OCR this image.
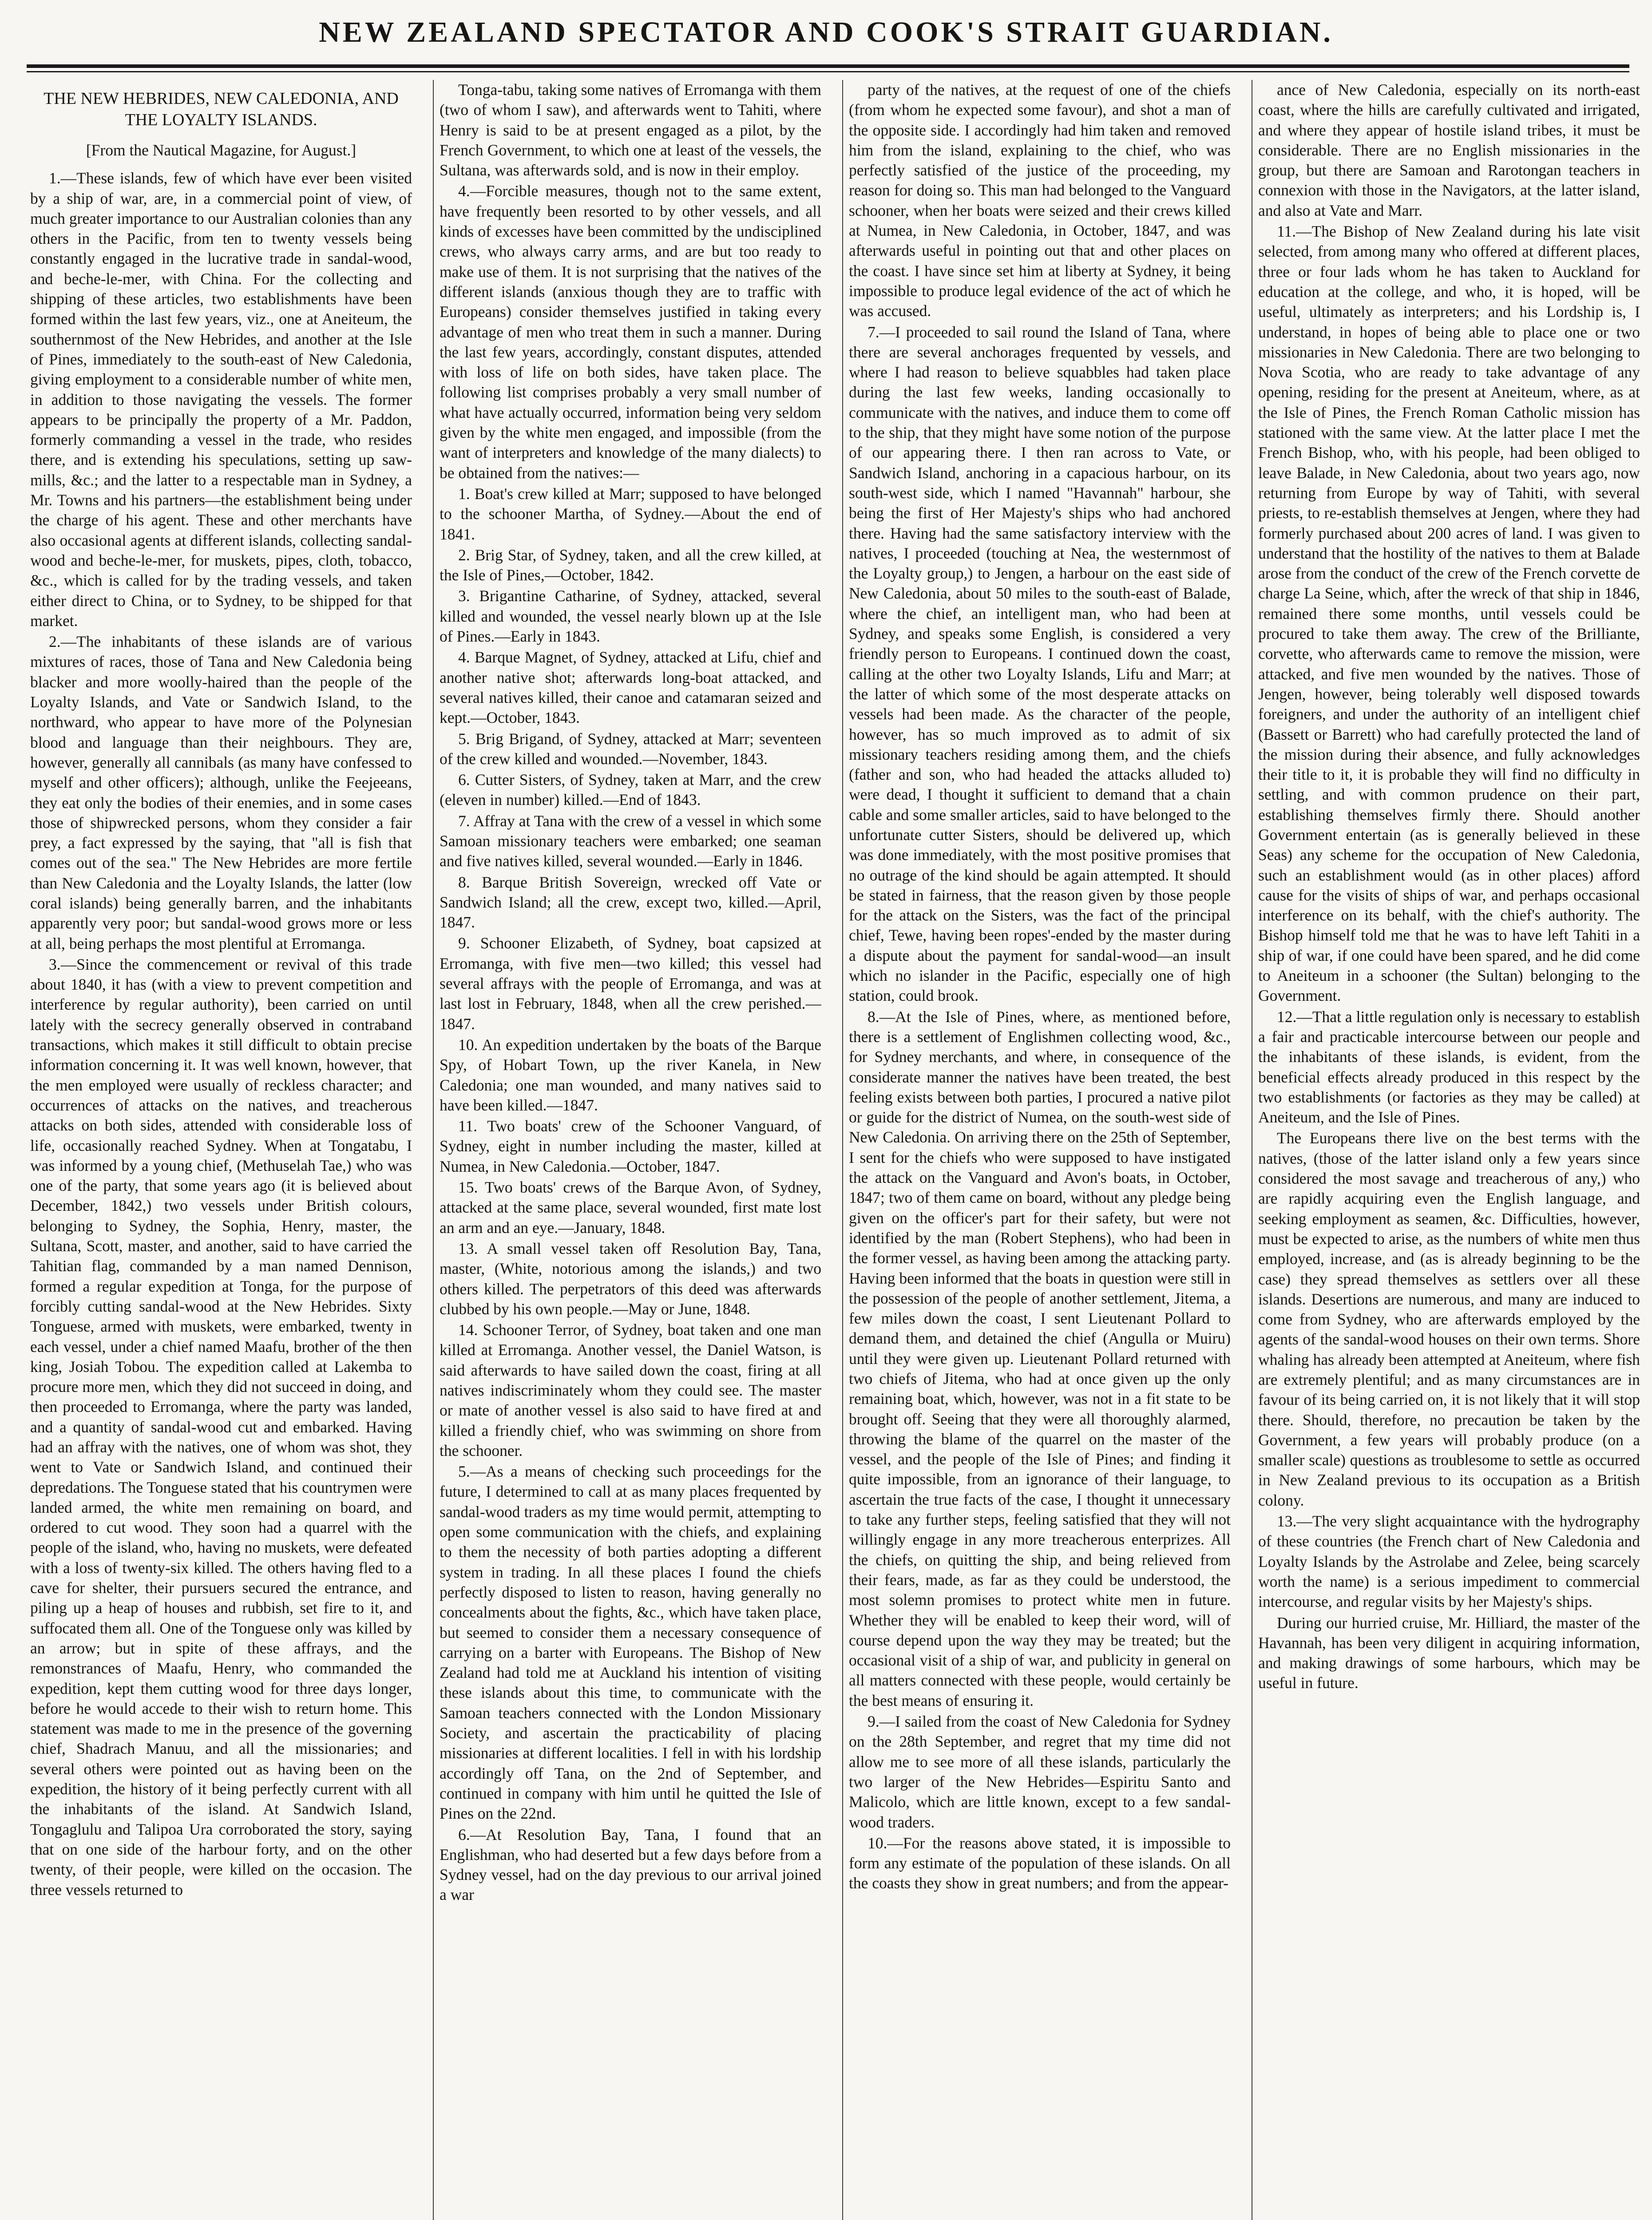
NEW ZEALAND SPECTATOR AND COOK'S STRAIT GUARDIAN.

THE NEW HEBRIDES, NEW CALEDONIA, AND THE LOYALTY ISLANDS.

[From the Nautical Magazine, for August.]

1.—These islands, few of which have ever been visited by a ship of war, are, in a commercial point of view, of much greater importance to our Australian colonies than any others in the Pacific, from ten to twenty vessels being constantly engaged in the lucrative trade in sandal-wood, and beche-le-mer, with China. For the collecting and shipping of these articles, two establishments have been formed within the last few years, viz., one at Aneiteum, the southernmost of the New Hebrides, and another at the Isle of Pines, immediately to the south-east of New Caledonia, giving employment to a considerable number of white men, in addition to those navigating the vessels. The former appears to be principally the property of a Mr. Paddon, formerly commanding a vessel in the trade, who resides there, and is extending his speculations, setting up saw-mills, &c.; and the latter to a respectable man in Sydney, a Mr. Towns and his partners—the establishment being under the charge of his agent. These and other merchants have also occasional agents at different islands, collecting sandal-wood and beche-le-mer, for muskets, pipes, cloth, tobacco, &c., which is called for by the trading vessels, and taken either direct to China, or to Sydney, to be shipped for that market.

2.—The inhabitants of these islands are of various mixtures of races, those of Tana and New Caledonia being blacker and more woolly-haired than the people of the Loyalty Islands, and Vate or Sandwich Island, to the northward, who appear to have more of the Polynesian blood and language than their neighbours. They are, however, generally all cannibals (as many have confessed to myself and other officers); although, unlike the Feejeeans, they eat only the bodies of their enemies, and in some cases those of shipwrecked persons, whom they consider a fair prey, a fact expressed by the saying, that "all is fish that comes out of the sea." The New Hebrides are more fertile than New Caledonia and the Loyalty Islands, the latter (low coral islands) being generally barren, and the inhabitants apparently very poor; but sandal-wood grows more or less at all, being perhaps the most plentiful at Erromanga.

3.—Since the commencement or revival of this trade about 1840, it has (with a view to prevent competition and interference by regular authority), been carried on until lately with the secrecy generally observed in contraband transactions, which makes it still difficult to obtain precise information concerning it. It was well known, however, that the men employed were usually of reckless character; and occurrences of attacks on the natives, and treacherous attacks on both sides, attended with considerable loss of life, occasionally reached Sydney. When at Tongatabu, I was informed by a young chief, (Methuselah Tae,) who was one of the party, that some years ago (it is believed about December, 1842,) two vessels under British colours, belonging to Sydney, the Sophia, Henry, master, the Sultana, Scott, master, and another, said to have carried the Tahitian flag, commanded by a man named Dennison, formed a regular expedition at Tonga, for the purpose of forcibly cutting sandal-wood at the New Hebrides. Sixty Tonguese, armed with muskets, were embarked, twenty in each vessel, under a chief named Maafu, brother of the then king, Josiah Tobou. The expedition called at Lakemba to procure more men, which they did not succeed in doing, and then proceeded to Erromanga, where the party was landed, and a quantity of sandal-wood cut and embarked. Having had an affray with the natives, one of whom was shot, they went to Vate or Sandwich Island, and continued their depredations. The Tonguese stated that his countrymen were landed armed, the white men remaining on board, and ordered to cut wood. They soon had a quarrel with the people of the island, who, having no muskets, were defeated with a loss of twenty-six killed. The others having fled to a cave for shelter, their pursuers secured the entrance, and piling up a heap of houses and rubbish, set fire to it, and suffocated them all. One of the Tonguese only was killed by an arrow; but in spite of these affrays, and the remonstrances of Maafu, Henry, who commanded the expedition, kept them cutting wood for three days longer, before he would accede to their wish to return home. This statement was made to me in the presence of the governing chief, Shadrach Manuu, and all the missionaries; and several others were pointed out as having been on the expedition, the history of it being perfectly current with all the inhabitants of the island. At Sandwich Island, Tongaglulu and Talipoa Ura corroborated the story, saying that on one side of the harbour forty, and on the other twenty, of their people, were killed on the occasion. The three vessels returned to

Tonga-tabu, taking some natives of Erromanga with them (two of whom I saw), and afterwards went to Tahiti, where Henry is said to be at present engaged as a pilot, by the French Government, to which one at least of the vessels, the Sultana, was afterwards sold, and is now in their employ.

4.—Forcible measures, though not to the same extent, have frequently been resorted to by other vessels, and all kinds of excesses have been committed by the undisciplined crews, who always carry arms, and are but too ready to make use of them. It is not surprising that the natives of the different islands (anxious though they are to traffic with Europeans) consider themselves justified in taking every advantage of men who treat them in such a manner. During the last few years, accordingly, constant disputes, attended with loss of life on both sides, have taken place. The following list comprises probably a very small number of what have actually occurred, information being very seldom given by the white men engaged, and impossible (from the want of interpreters and knowledge of the many dialects) to be obtained from the natives:—

1. Boat's crew killed at Marr; supposed to have belonged to the schooner Martha, of Sydney.—About the end of 1841.

2. Brig Star, of Sydney, taken, and all the crew killed, at the Isle of Pines,—October, 1842.

3. Brigantine Catharine, of Sydney, attacked, several killed and wounded, the vessel nearly blown up at the Isle of Pines.—Early in 1843.

4. Barque Magnet, of Sydney, attacked at Lifu, chief and another native shot; afterwards long-boat attacked, and several natives killed, their canoe and catamaran seized and kept.—October, 1843.

5. Brig Brigand, of Sydney, attacked at Marr; seventeen of the crew killed and wounded.—November, 1843.

6. Cutter Sisters, of Sydney, taken at Marr, and the crew (eleven in number) killed.—End of 1843.

7. Affray at Tana with the crew of a vessel in which some Samoan missionary teachers were embarked; one seaman and five natives killed, several wounded.—Early in 1846.

8. Barque British Sovereign, wrecked off Vate or Sandwich Island; all the crew, except two, killed.—April, 1847.

9. Schooner Elizabeth, of Sydney, boat capsized at Erromanga, with five men—two killed; this vessel had several affrays with the people of Erromanga, and was at last lost in February, 1848, when all the crew perished.—1847.

10. An expedition undertaken by the boats of the Barque Spy, of Hobart Town, up the river Kanela, in New Caledonia; one man wounded, and many natives said to have been killed.—1847.

11. Two boats' crew of the Schooner Vanguard, of Sydney, eight in number including the master, killed at Numea, in New Caledonia.—October, 1847.

15. Two boats' crews of the Barque Avon, of Sydney, attacked at the same place, several wounded, first mate lost an arm and an eye.—January, 1848.

13. A small vessel taken off Resolution Bay, Tana, master, (White, notorious among the islands,) and two others killed. The perpetrators of this deed was afterwards clubbed by his own people.—May or June, 1848.

14. Schooner Terror, of Sydney, boat taken and one man killed at Erromanga. Another vessel, the Daniel Watson, is said afterwards to have sailed down the coast, firing at all natives indiscriminately whom they could see. The master or mate of another vessel is also said to have fired at and killed a friendly chief, who was swimming on shore from the schooner.

5.—As a means of checking such proceedings for the future, I determined to call at as many places frequented by sandal-wood traders as my time would permit, attempting to open some communication with the chiefs, and explaining to them the necessity of both parties adopting a different system in trading. In all these places I found the chiefs perfectly disposed to listen to reason, having generally no concealments about the fights, &c., which have taken place, but seemed to consider them a necessary consequence of carrying on a barter with Europeans. The Bishop of New Zealand had told me at Auckland his intention of visiting these islands about this time, to communicate with the Samoan teachers connected with the London Missionary Society, and ascertain the practicability of placing missionaries at different localities. I fell in with his lordship accordingly off Tana, on the 2nd of September, and continued in company with him until he quitted the Isle of Pines on the 22nd.

6.—At Resolution Bay, Tana, I found that an Englishman, who had deserted but a few days before from a Sydney vessel, had on the day previous to our arrival joined a war

party of the natives, at the request of one of the chiefs (from whom he expected some favour), and shot a man of the opposite side. I accordingly had him taken and removed him from the island, explaining to the chief, who was perfectly satisfied of the justice of the proceeding, my reason for doing so. This man had belonged to the Vanguard schooner, when her boats were seized and their crews killed at Numea, in New Caledonia, in October, 1847, and was afterwards useful in pointing out that and other places on the coast. I have since set him at liberty at Sydney, it being impossible to produce legal evidence of the act of which he was accused.

7.—I proceeded to sail round the Island of Tana, where there are several anchorages frequented by vessels, and where I had reason to believe squabbles had taken place during the last few weeks, landing occasionally to communicate with the natives, and induce them to come off to the ship, that they might have some notion of the purpose of our appearing there. I then ran across to Vate, or Sandwich Island, anchoring in a capacious harbour, on its south-west side, which I named "Havannah" harbour, she being the first of Her Majesty's ships who had anchored there. Having had the same satisfactory interview with the natives, I proceeded (touching at Nea, the westernmost of the Loyalty group,) to Jengen, a harbour on the east side of New Caledonia, about 50 miles to the south-east of Balade, where the chief, an intelligent man, who had been at Sydney, and speaks some English, is considered a very friendly person to Europeans. I continued down the coast, calling at the other two Loyalty Islands, Lifu and Marr; at the latter of which some of the most desperate attacks on vessels had been made. As the character of the people, however, has so much improved as to admit of six missionary teachers residing among them, and the chiefs (father and son, who had headed the attacks alluded to) were dead, I thought it sufficient to demand that a chain cable and some smaller articles, said to have belonged to the unfortunate cutter Sisters, should be delivered up, which was done immediately, with the most positive promises that no outrage of the kind should be again attempted. It should be stated in fairness, that the reason given by those people for the attack on the Sisters, was the fact of the principal chief, Tewe, having been ropes'-ended by the master during a dispute about the payment for sandal-wood—an insult which no islander in the Pacific, especially one of high station, could brook.

8.—At the Isle of Pines, where, as mentioned before, there is a settlement of Englishmen collecting wood, &c., for Sydney merchants, and where, in consequence of the considerate manner the natives have been treated, the best feeling exists between both parties, I procured a native pilot or guide for the district of Numea, on the south-west side of New Caledonia. On arriving there on the 25th of September, I sent for the chiefs who were supposed to have instigated the attack on the Vanguard and Avon's boats, in October, 1847; two of them came on board, without any pledge being given on the officer's part for their safety, but were not identified by the man (Robert Stephens), who had been in the former vessel, as having been among the attacking party. Having been informed that the boats in question were still in the possession of the people of another settlement, Jitema, a few miles down the coast, I sent Lieutenant Pollard to demand them, and detained the chief (Angulla or Muiru) until they were given up. Lieutenant Pollard returned with two chiefs of Jitema, who had at once given up the only remaining boat, which, however, was not in a fit state to be brought off. Seeing that they were all thoroughly alarmed, throwing the blame of the quarrel on the master of the vessel, and the people of the Isle of Pines; and finding it quite impossible, from an ignorance of their language, to ascertain the true facts of the case, I thought it unnecessary to take any further steps, feeling satisfied that they will not willingly engage in any more treacherous enterprizes. All the chiefs, on quitting the ship, and being relieved from their fears, made, as far as they could be understood, the most solemn promises to protect white men in future. Whether they will be enabled to keep their word, will of course depend upon the way they may be treated; but the occasional visit of a ship of war, and publicity in general on all matters connected with these people, would certainly be the best means of ensuring it.

9.—I sailed from the coast of New Caledonia for Sydney on the 28th September, and regret that my time did not allow me to see more of all these islands, particularly the two larger of the New Hebrides—Espiritu Santo and Malicolo, which are little known, except to a few sandal-wood traders.

10.—For the reasons above stated, it is impossible to form any estimate of the population of these islands. On all the coasts they show in great numbers; and from the appear-

ance of New Caledonia, especially on its north-east coast, where the hills are carefully cultivated and irrigated, and where they appear of hostile island tribes, it must be considerable. There are no English missionaries in the group, but there are Samoan and Rarotongan teachers in connexion with those in the Navigators, at the latter island, and also at Vate and Marr.

11.—The Bishop of New Zealand during his late visit selected, from among many who offered at different places, three or four lads whom he has taken to Auckland for education at the college, and who, it is hoped, will be useful, ultimately as interpreters; and his Lordship is, I understand, in hopes of being able to place one or two missionaries in New Caledonia. There are two belonging to Nova Scotia, who are ready to take advantage of any opening, residing for the present at Aneiteum, where, as at the Isle of Pines, the French Roman Catholic mission has stationed with the same view. At the latter place I met the French Bishop, who, with his people, had been obliged to leave Balade, in New Caledonia, about two years ago, now returning from Europe by way of Tahiti, with several priests, to re-establish themselves at Jengen, where they had formerly purchased about 200 acres of land. I was given to understand that the hostility of the natives to them at Balade arose from the conduct of the crew of the French corvette de charge La Seine, which, after the wreck of that ship in 1846, remained there some months, until vessels could be procured to take them away. The crew of the Brilliante, corvette, who afterwards came to remove the mission, were attacked, and five men wounded by the natives. Those of Jengen, however, being tolerably well disposed towards foreigners, and under the authority of an intelligent chief (Bassett or Barrett) who had carefully protected the land of the mission during their absence, and fully acknowledges their title to it, it is probable they will find no difficulty in settling, and with common prudence on their part, establishing themselves firmly there. Should another Government entertain (as is generally believed in these Seas) any scheme for the occupation of New Caledonia, such an establishment would (as in other places) afford cause for the visits of ships of war, and perhaps occasional interference on its behalf, with the chief's authority. The Bishop himself told me that he was to have left Tahiti in a ship of war, if one could have been spared, and he did come to Aneiteum in a schooner (the Sultan) belonging to the Government.

12.—That a little regulation only is necessary to establish a fair and practicable intercourse between our people and the inhabitants of these islands, is evident, from the beneficial effects already produced in this respect by the two establishments (or factories as they may be called) at Aneiteum, and the Isle of Pines.

The Europeans there live on the best terms with the natives, (those of the latter island only a few years since considered the most savage and treacherous of any,) who are rapidly acquiring even the English language, and seeking employment as seamen, &c. Difficulties, however, must be expected to arise, as the numbers of white men thus employed, increase, and (as is already beginning to be the case) they spread themselves as settlers over all these islands. Desertions are numerous, and many are induced to come from Sydney, who are afterwards employed by the agents of the sandal-wood houses on their own terms. Shore whaling has already been attempted at Aneiteum, where fish are extremely plentiful; and as many circumstances are in favour of its being carried on, it is not likely that it will stop there. Should, therefore, no precaution be taken by the Government, a few years will probably produce (on a smaller scale) questions as troublesome to settle as occurred in New Zealand previous to its occupation as a British colony.

13.—The very slight acquaintance with the hydrography of these countries (the French chart of New Caledonia and Loyalty Islands by the Astrolabe and Zelee, being scarcely worth the name) is a serious impediment to commercial intercourse, and regular visits by her Majesty's ships.

During our hurried cruise, Mr. Hilliard, the master of the Havannah, has been very diligent in acquiring information, and making drawings of some harbours, which may be useful in future.
